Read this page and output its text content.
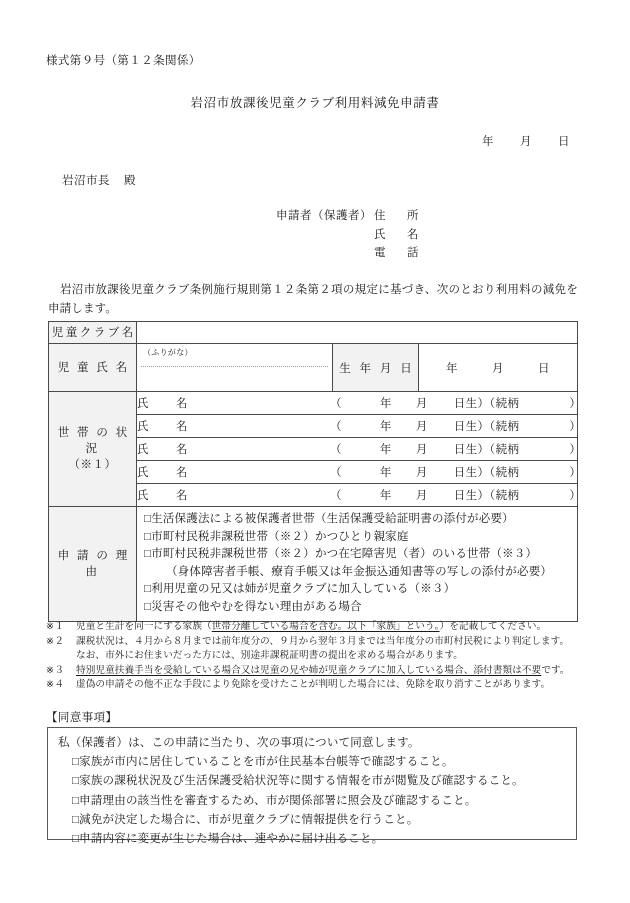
様式第９号（第１２条関係）
岩沼市放課後児童クラブ利用料減免申請書
年 月 日
岩沼市長 殿
申請者（保護者） 住　所
氏　名
電　話
岩沼市放課後児童クラブ条例施行規則第１２条第２項の規定に基づき、次のとおり利用料の減免を申請します。
児童クラブ名			
児 童 氏 名	（ふりがな）	生 年 月 日	年 月 日

世 帯 の 状 況
（※１）	氏　名 （ 年 月 日生）（続柄 ）		
	氏　名 （ 年 月 日生）（続柄 ）		
	氏　名 （ 年 月 日生）（続柄 ）		
	氏　名 （ 年 月 日生）（続柄 ）		
	氏　名 （ 年 月 日生）（続柄 ）		
申 請 の 理 由	
□生活保護法による被保護者世帯（生活保護受給証明書の添付が必要）
□市町村民税非課税世帯（※２）かつひとり親家庭
□市町村民税非課税世帯（※２）かつ在宅障害児（者）のいる世帯（※３）
（身体障害者手帳、療育手帳又は年金振込通知書等の写しの添付が必要）
□利用児童の兄又は姉が児童クラブに加入している（※３）
□災害その他やむを得ない理由がある場合
※１	児童と生計を同一にする家族（世帯分離している場合を含む。以下「家族」という。）を記載してください。
※２	課税状況は、４月から８月までは前年度分の、９月から翌年３月までは当年度分の市町村民税により判定します。
なお、市外にお住まいだった方には、別途非課税証明書の提出を求める場合があります。
※３	特別児童扶養手当を受給している場合又は児童の兄や姉が児童クラブに加入している場合、添付書類は不要です。
※４	虚偽の申請その他不正な手段により免除を受けたことが判明した場合には、免除を取り消すことがあります。
【同意事項】
私（保護者）は、この申請に当たり、次の事項について同意します。
□家族が市内に居住していることを市が住民基本台帳等で確認すること。
□家族の課税状況及び生活保護受給状況等に関する情報を市が閲覧及び確認すること。
□申請理由の該当性を審査するため、市が関係部署に照会及び確認すること。
□減免が決定した場合に、市が児童クラブに情報提供を行うこと。
□申請内容に変更が生じた場合は、速やかに届け出ること。
